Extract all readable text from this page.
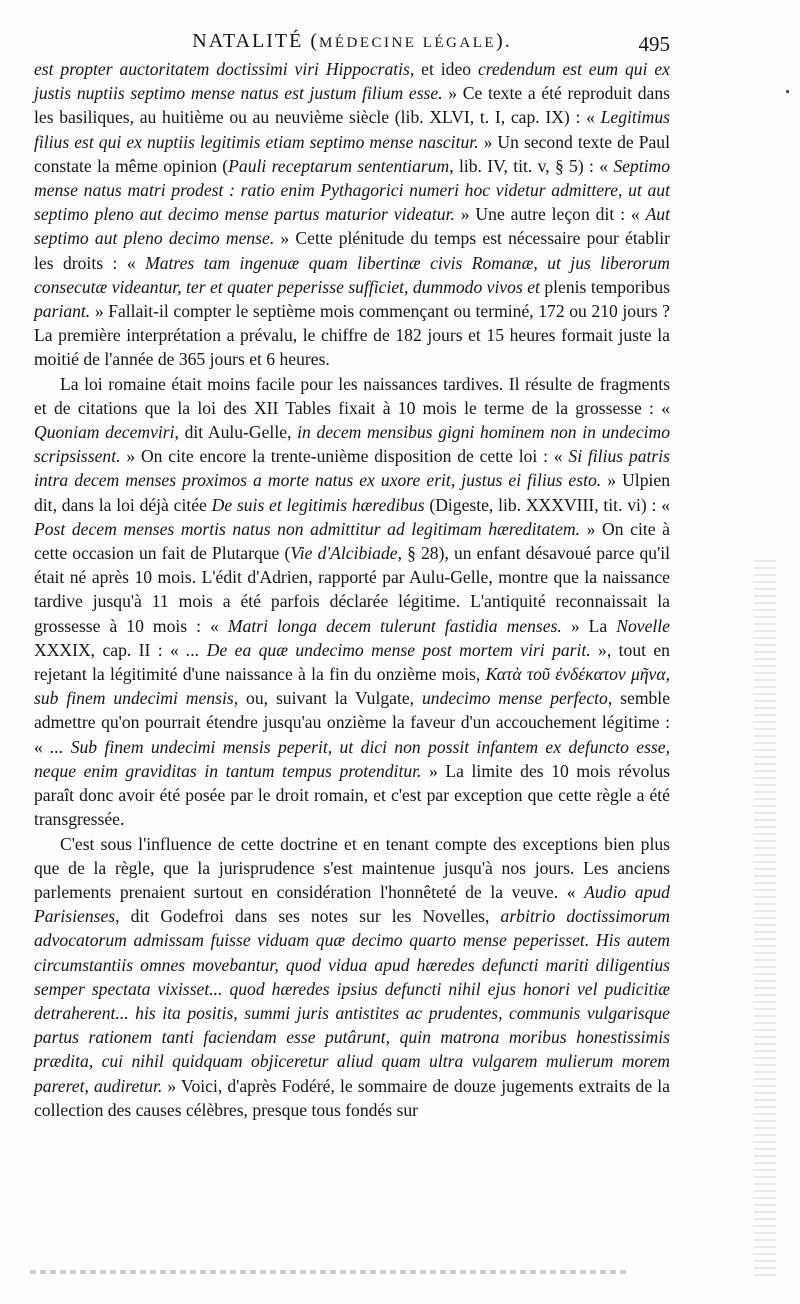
NATALITÉ (MÉDECINE LÉGALE).	495

est propter auctoritatem doctissimi viri Hippocratis, et ideo credendum est eum qui ex justis nuptiis septimo mense natus est justum filium esse. » Ce texte a été reproduit dans les basiliques, au huitième ou au neuvième siècle (lib. XLVI, t. I, cap. IX) : « Legitimus filius est qui ex nuptiis legitimis etiam septimo mense nascitur. » Un second texte de Paul constate la même opinion (Pauli receptarum sententiarum, lib. IV, tit. v, § 5) : « Septimo mense natus matri prodest : ratio enim Pythagorici numeri hoc videtur admittere, ut aut septimo pleno aut decimo mense partus maturior videatur. » Une autre leçon dit : « Aut septimo aut pleno decimo mense. » Cette plénitude du temps est nécessaire pour établir les droits : « Matres tam ingenuæ quam libertinæ civis Romanæ, ut jus liberorum consecutæ videantur, ter et quater peperisse sufficiet, dummodo vivos et plenis temporibus pariant. » Fallait-il compter le septième mois commençant ou terminé, 172 ou 210 jours ? La première interprétation a prévalu, le chiffre de 182 jours et 15 heures formait juste la moitié de l'année de 365 jours et 6 heures.

La loi romaine était moins facile pour les naissances tardives. Il résulte de fragments et de citations que la loi des XII Tables fixait à 10 mois le terme de la grossesse : « Quoniam decemviri, dit Aulu-Gelle, in decem mensibus gigni hominem non in undecimo scripsissent. » On cite encore la trente-unième disposition de cette loi : « Si filius patris intra decem menses proximos a morte natus ex uxore erit, justus ei filius esto. » Ulpien dit, dans la loi déjà citée De suis et legitimis hæredibus (Digeste, lib. XXXVIII, tit. vi) : « Post decem menses mortis natus non admittitur ad legitimam hæreditatem. » On cite à cette occasion un fait de Plutarque (Vie d'Alcibiade, § 28), un enfant désavoué parce qu'il était né après 10 mois. L'édit d'Adrien, rapporté par Aulu-Gelle, montre que la naissance tardive jusqu'à 11 mois a été parfois déclarée légitime. L'antiquité reconnaissait la grossesse à 10 mois : « Matri longa decem tulerunt fastidia menses. » La Novelle XXXIX, cap. II : « ... De ea quæ undecimo mense post mortem viri parit. », tout en rejetant la légitimité d'une naissance à la fin du onzième mois, Κατὰ τοῦ ἐνδέκατον μῆνα, sub finem undecimi mensis, ou, suivant la Vulgate, undecimo mense perfecto, semble admettre qu'on pourrait étendre jusqu'au onzième la faveur d'un accouchement légitime : « ... Sub finem undecimi mensis peperit, ut dici non possit infantem ex defuncto esse, neque enim graviditas in tantum tempus protenditur. » La limite des 10 mois révolus paraît donc avoir été posée par le droit romain, et c'est par exception que cette règle a été transgressée.

C'est sous l'influence de cette doctrine et en tenant compte des exceptions bien plus que de la règle, que la jurisprudence s'est maintenue jusqu'à nos jours. Les anciens parlements prenaient surtout en considération l'honnêteté de la veuve. « Audio apud Parisienses, dit Godefroi dans ses notes sur les Novelles, arbitrio doctissimorum advocatorum admissam fuisse viduam quæ decimo quarto mense peperisset. His autem circumstantiis omnes movebantur, quod vidua apud hæredes defuncti mariti diligentius semper spectata vixisset... quod hæredes ipsius defuncti nihil ejus honori vel pudicitiæ detraherent... his ita positis, summi juris antistites ac prudentes, communis vulgarisque partus rationem tanti faciendam esse putârunt, quin matrona moribus honestissimis prædita, cui nihil quidquam objiceretur aliud quam ultra vulgarem mulierum morem pareret, audiretur. » Voici, d'après Fodéré, le sommaire de douze jugements extraits de la collection des causes célèbres, presque tous fondés sur
